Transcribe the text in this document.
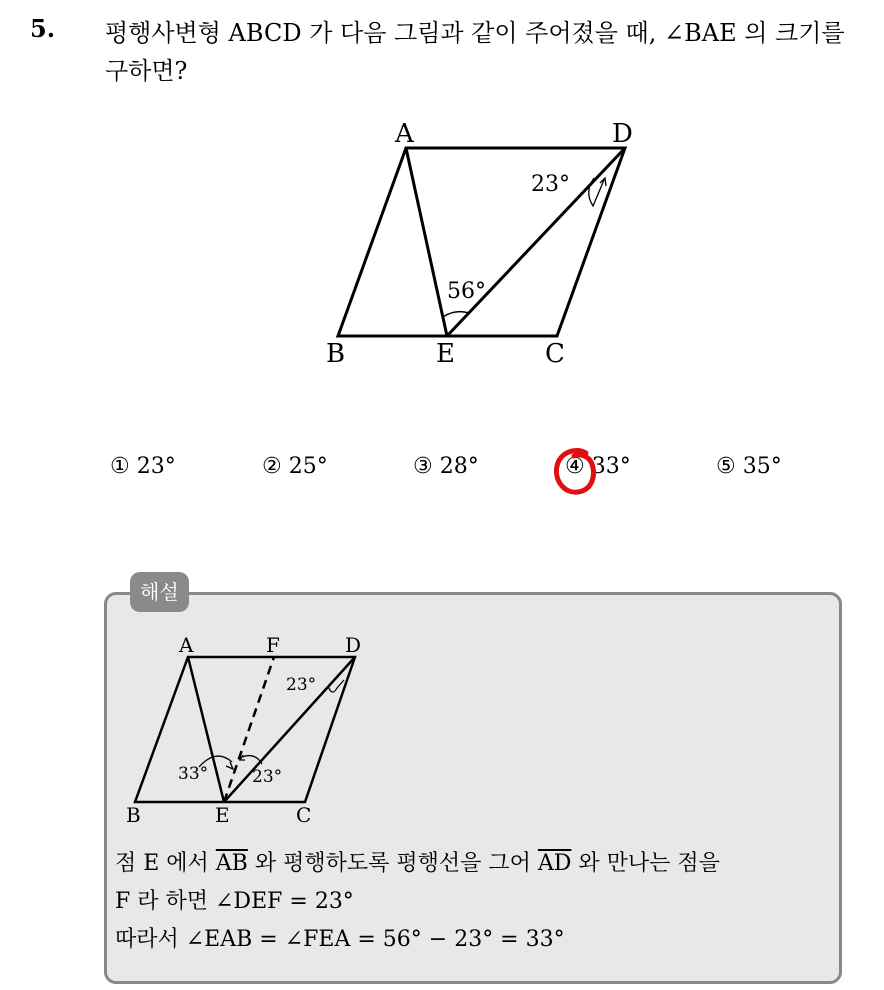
5. 평행사변형 ABCD 가 다음 그림과 같이 주어졌을 때, ∠BAE 의 크기를
구하면?
A	D
B	E	C
23°
56°
① 23°	② 25°	③ 28°	④ 33°	⑤ 35°
해설
A	F	D
B	E	C
23°
33°	23°
점 E 에서 $\overline{AB}$ 와 평행하도록 평행선을 그어 $\overline{AD}$ 와 만나는 점을
F 라 하면 ∠DEF = 23°
따라서 ∠EAB = ∠FEA = 56° − 23° = 33°
